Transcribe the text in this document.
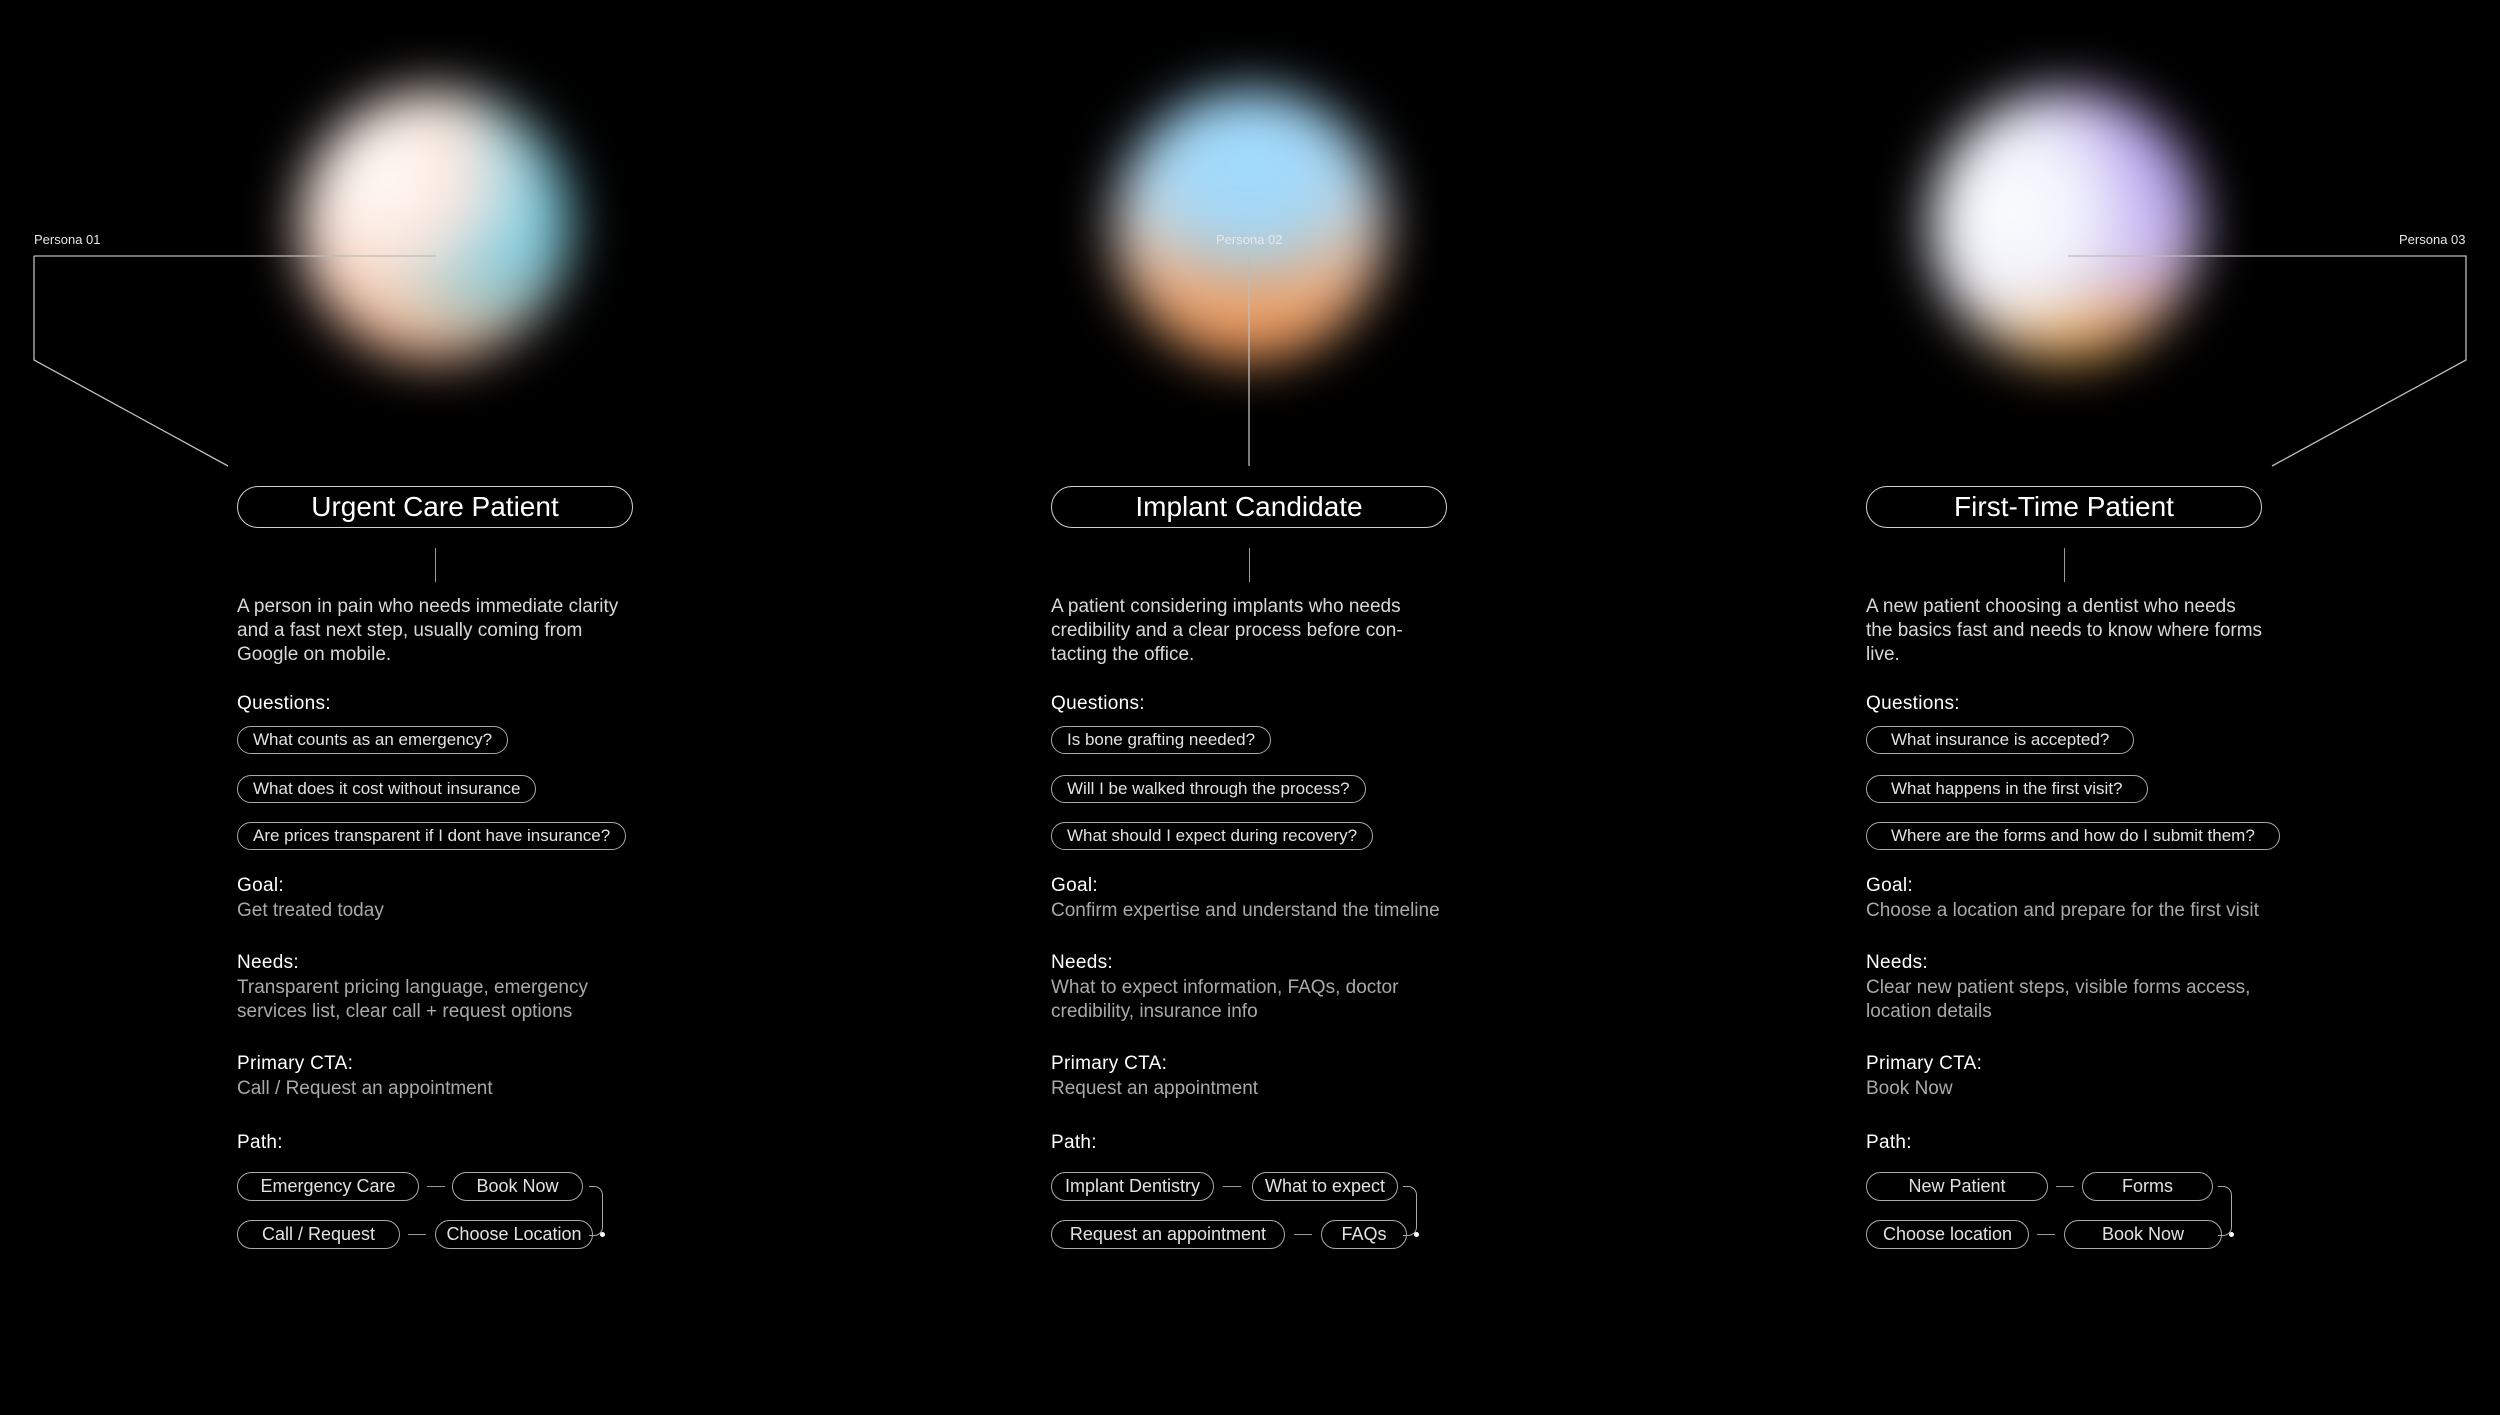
Persona 01	Persona 02	Persona 03
Urgent Care Patient
A person in pain who needs immediate clarity and a fast next step, usually coming from Google on mobile.
Questions:
What counts as an emergency?
What does it cost without insurance
Are prices transparent if I dont have insurance?
Goal:
Get treated today
Needs:
Transparent pricing language, emergency services list, clear call + request options
Primary CTA:
Call / Request an appointment
Path:
Emergency Care	Book Now
Call / Request	Choose Location
Implant Candidate
A patient considering implants who needs credibility and a clear process before con-tacting the office.
Questions:
Is bone grafting needed?
Will I be walked through the process?
What should I expect during recovery?
Goal:
Confirm expertise and understand the timeline
Needs:
What to expect information, FAQs, doctor credibility, insurance info
Primary CTA:
Request an appointment
Path:
Implant Dentistry	What to expect
Request an appointment	FAQs
First-Time Patient
A new patient choosing a dentist who needs the basics fast and needs to know where forms live.
Questions:
What insurance is accepted?
What happens in the first visit?
Where are the forms and how do I submit them?
Goal:
Choose a location and prepare for the first visit
Needs:
Clear new patient steps, visible forms access, location details
Primary CTA:
Book Now
Path:
New Patient	Forms
Choose location	Book Now
